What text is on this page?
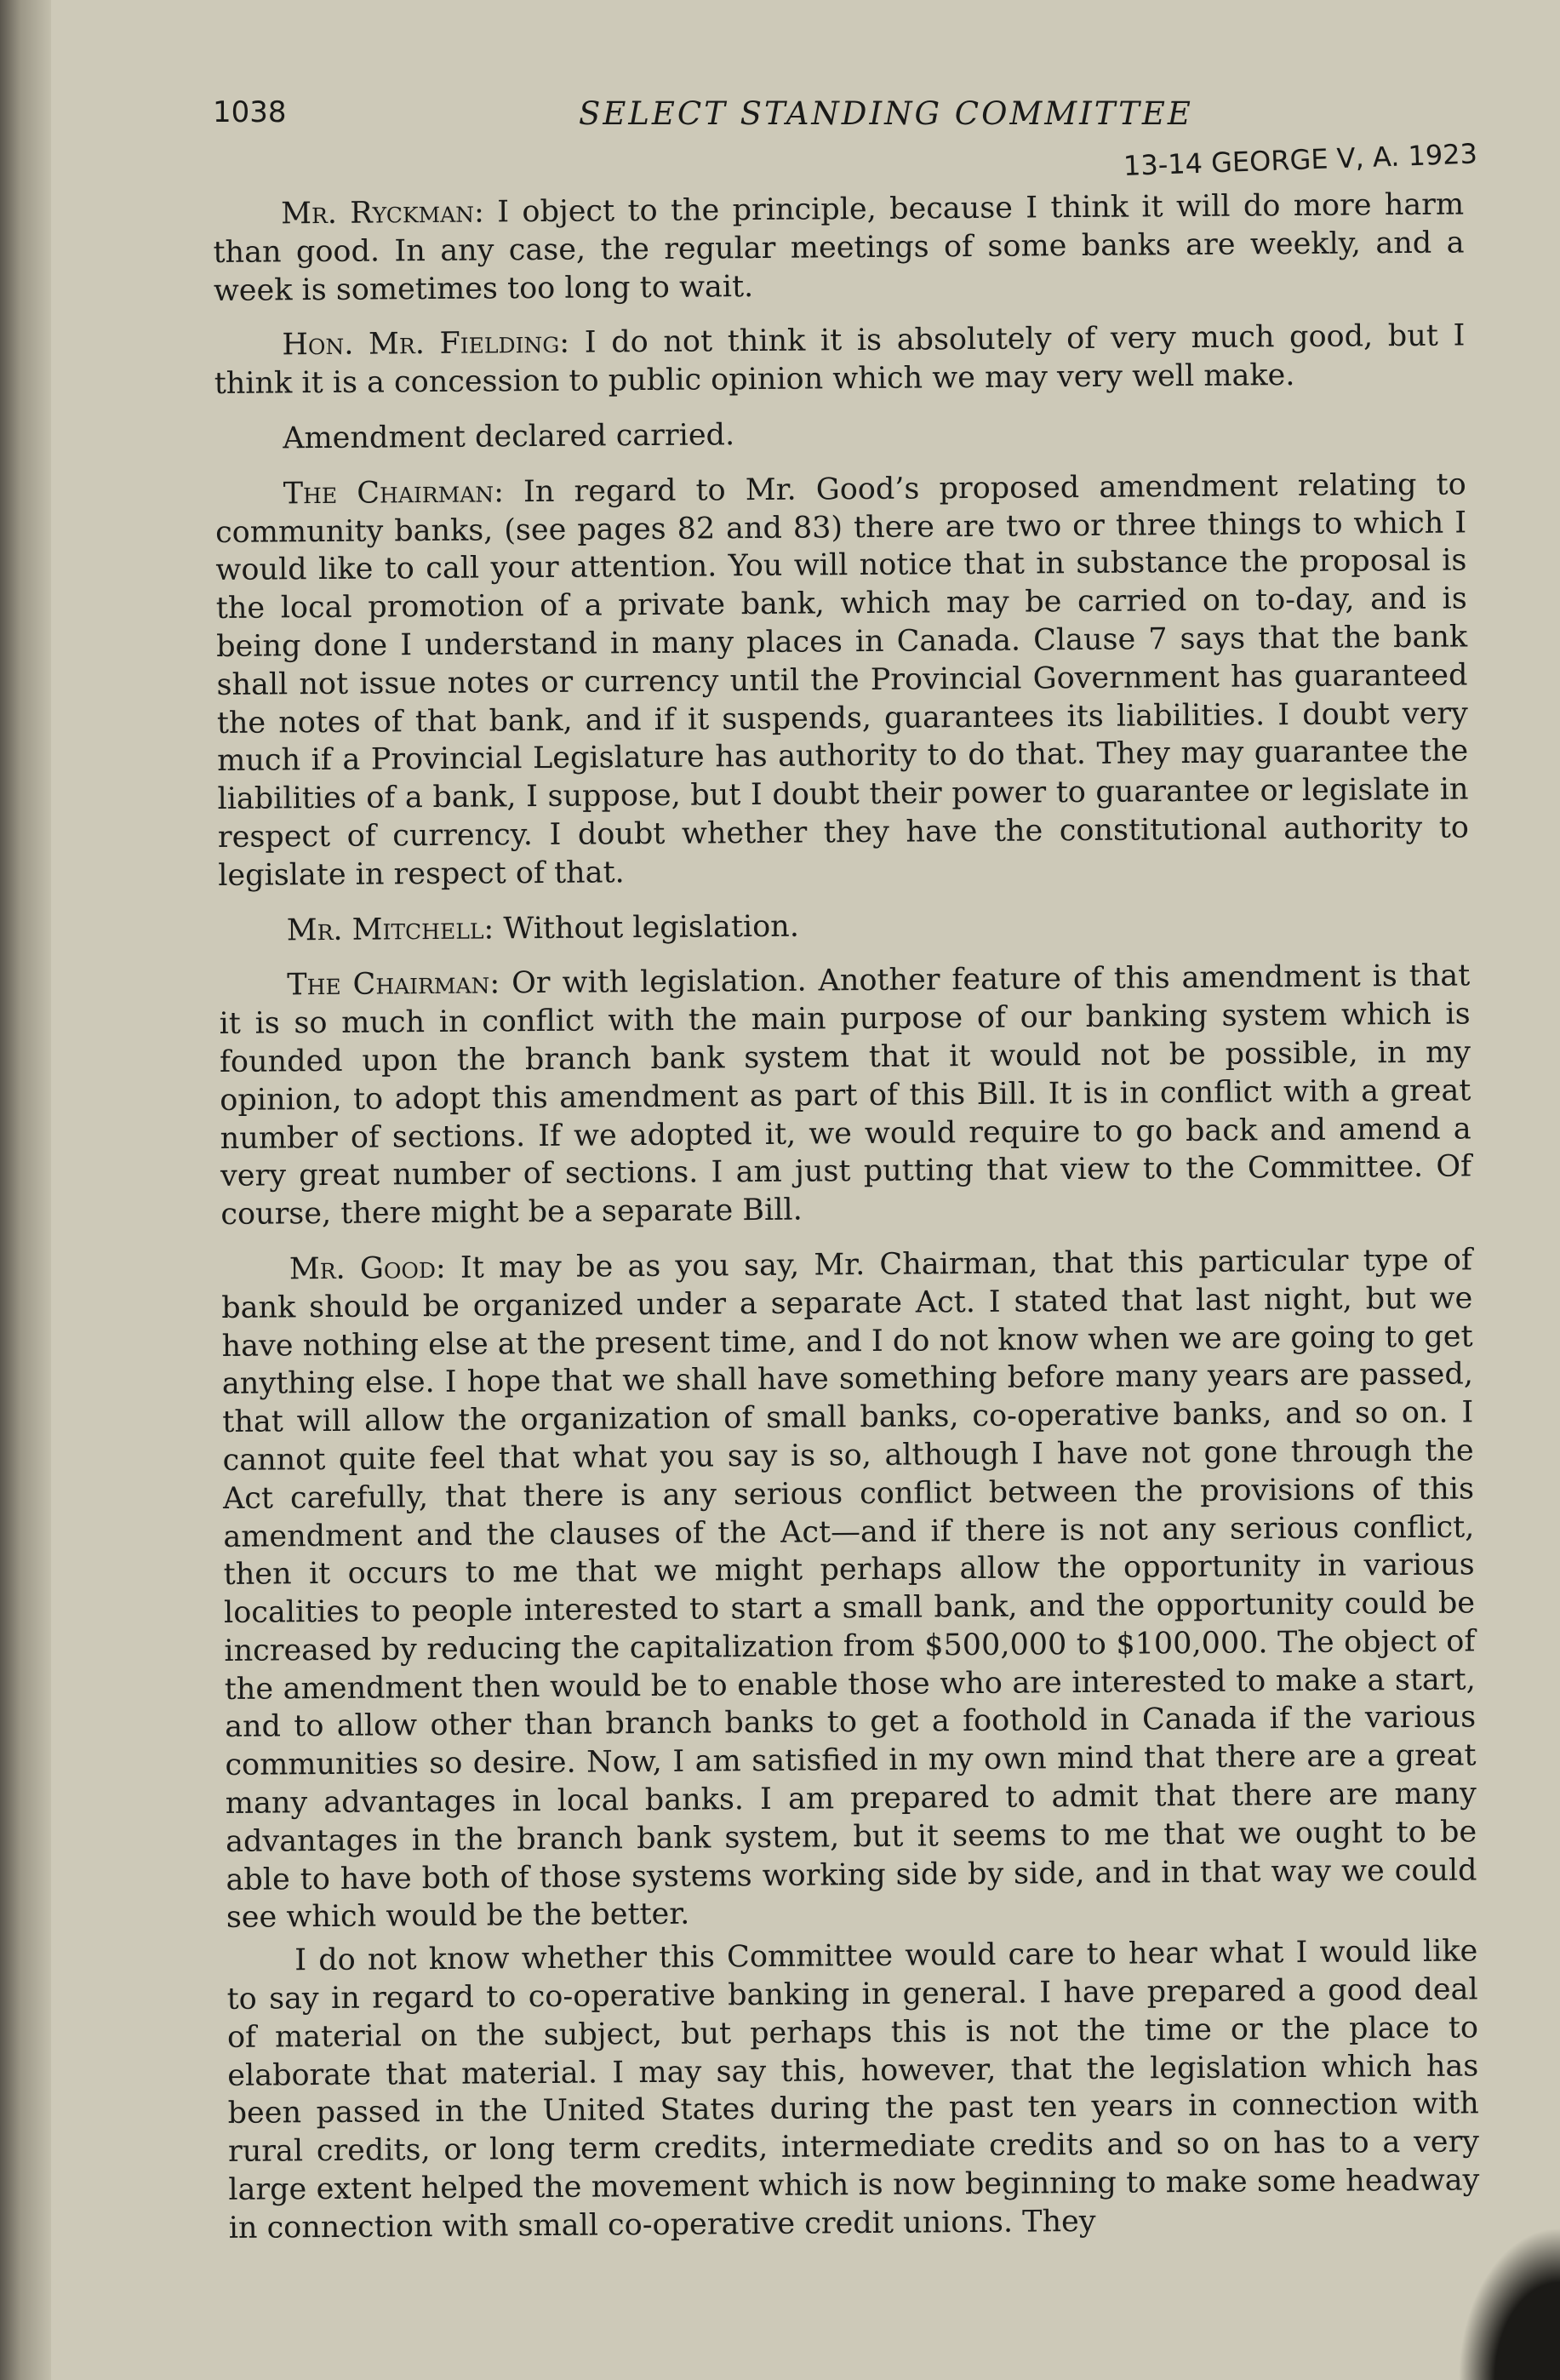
1038	SELECT STANDING COMMITTEE
13-14 GEORGE V, A. 1923

Mr. Ryckman: I object to the principle, because I think it will do more harm than good. In any case, the regular meetings of some banks are weekly, and a week is sometimes too long to wait.

Hon. Mr. Fielding: I do not think it is absolutely of very much good, but I think it is a concession to public opinion which we may very well make.

Amendment declared carried.

The Chairman: In regard to Mr. Good’s proposed amendment relating to community banks, (see pages 82 and 83) there are two or three things to which I would like to call your attention. You will notice that in substance the proposal is the local promotion of a private bank, which may be carried on to-day, and is being done I understand in many places in Canada. Clause 7 says that the bank shall not issue notes or currency until the Provincial Government has guaranteed the notes of that bank, and if it suspends, guarantees its liabilities. I doubt very much if a Provincial Legislature has authority to do that. They may guarantee the liabilities of a bank, I suppose, but I doubt their power to guarantee or legislate in respect of currency. I doubt whether they have the constitutional authority to legislate in respect of that.

Mr. Mitchell: Without legislation.

The Chairman: Or with legislation. Another feature of this amendment is that it is so much in conflict with the main purpose of our banking system which is founded upon the branch bank system that it would not be possible, in my opinion, to adopt this amendment as part of this Bill. It is in conflict with a great number of sections. If we adopted it, we would require to go back and amend a very great number of sections. I am just putting that view to the Committee. Of course, there might be a separate Bill.

Mr. Good: It may be as you say, Mr. Chairman, that this particular type of bank should be organized under a separate Act. I stated that last night, but we have nothing else at the present time, and I do not know when we are going to get anything else. I hope that we shall have something before many years are passed, that will allow the organization of small banks, co-operative banks, and so on. I cannot quite feel that what you say is so, although I have not gone through the Act carefully, that there is any serious conflict between the provisions of this amendment and the clauses of the Act—and if there is not any serious conflict, then it occurs to me that we might perhaps allow the opportunity in various localities to people interested to start a small bank, and the opportunity could be increased by reducing the capitalization from $500,000 to $100,000. The object of the amendment then would be to enable those who are interested to make a start, and to allow other than branch banks to get a foothold in Canada if the various communities so desire. Now, I am satisfied in my own mind that there are a great many advantages in local banks. I am prepared to admit that there are many advantages in the branch bank system, but it seems to me that we ought to be able to have both of those systems working side by side, and in that way we could see which would be the better.

I do not know whether this Committee would care to hear what I would like to say in regard to co-operative banking in general. I have prepared a good deal of material on the subject, but perhaps this is not the time or the place to elaborate that material. I may say this, however, that the legislation which has been passed in the United States during the past ten years in connection with rural credits, or long term credits, intermediate credits and so on has to a very large extent helped the movement which is now beginning to make some headway in connection with small co-operative credit unions. They
